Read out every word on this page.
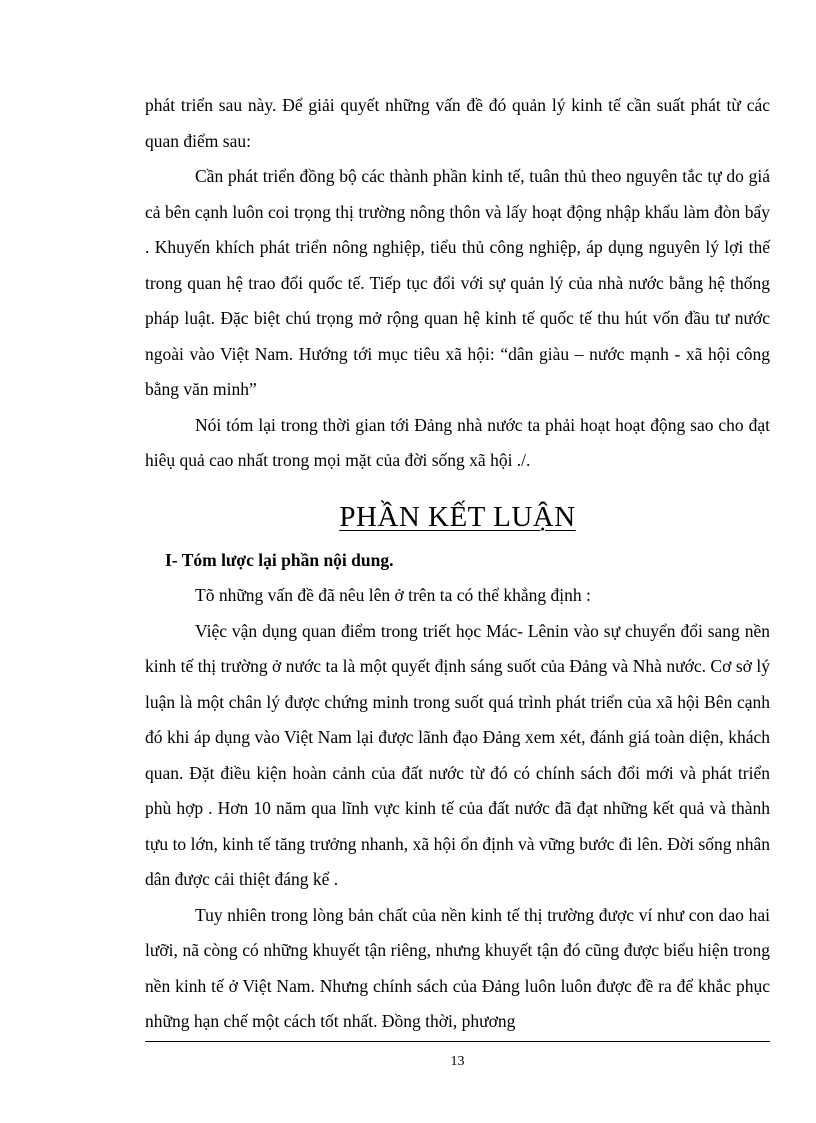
phát triển sau này. Để giải quyết những vấn đề đó quản lý kinh tế cần suất phát từ các quan điểm sau:

Cần phát triển đồng bộ các thành phần kinh tế, tuân thủ theo nguyên tắc tự do giá cả bên cạnh luôn coi trọng thị trường nông thôn và lấy hoạt động nhập khẩu làm đòn bẩy . Khuyến khích phát triển nông nghiệp, tiểu thủ công nghiệp, áp dụng nguyên lý lợi thế trong quan hệ trao đổi quốc tế. Tiếp tục đổi với sự quản lý của nhà nước bằng hệ thống pháp luật. Đặc biệt chú trọng mở rộng quan hệ kinh tế quốc tế thu hút vốn đầu tư nước ngoài vào Việt Nam. Hướng tới mục tiêu xã hội: “dân giàu – nước mạnh - xã hội công bằng văn minh”

Nói tóm lại trong thời gian tới Đảng nhà nước ta phải hoạt hoạt động sao cho đạt hiêụ quả cao nhất trong mọi mặt của đời sống xã hội ./.

PHẦN KẾT LUẬN
I- Tóm lược lại phần nội dung.

Tõ những vấn đề đã nêu lên ở trên ta có thể khẳng định :

Việc vận dụng quan điểm trong triết học Mác- Lênin vào sự chuyển đổi sang nền kinh tế thị trường ở nước ta là một quyết định sáng suốt của Đảng và Nhà nước. Cơ sở lý luận là một chân lý được chứng minh trong suốt quá trình phát triển của xã hội Bên cạnh đó khi áp dụng vào Việt Nam lại được lãnh đạo Đảng xem xét, đánh giá toàn diện, khách quan. Đặt điều kiện hoàn cảnh của đất nước từ đó có chính sách đổi mới và phát triển phù hợp . Hơn 10 năm qua lĩnh vực kinh tế của đất nước đã đạt những kết quả và thành tựu to lớn, kinh tế tăng trưởng nhanh, xã hội ổn định và vững bước đi lên. Đời sống nhân dân được cải thiệt đáng kể .

Tuy nhiên trong lòng bản chất của nền kinh tế thị trường được ví như con dao hai lưỡi, nã còng có những khuyết tận riêng, nhưng khuyết tận đó cũng được biểu hiện trong nền kinh tế ở Việt Nam. Nhưng chính sách của Đảng luôn luôn được đề ra để khắc phục những hạn chế một cách tốt nhất. Đồng thời, phương

13
